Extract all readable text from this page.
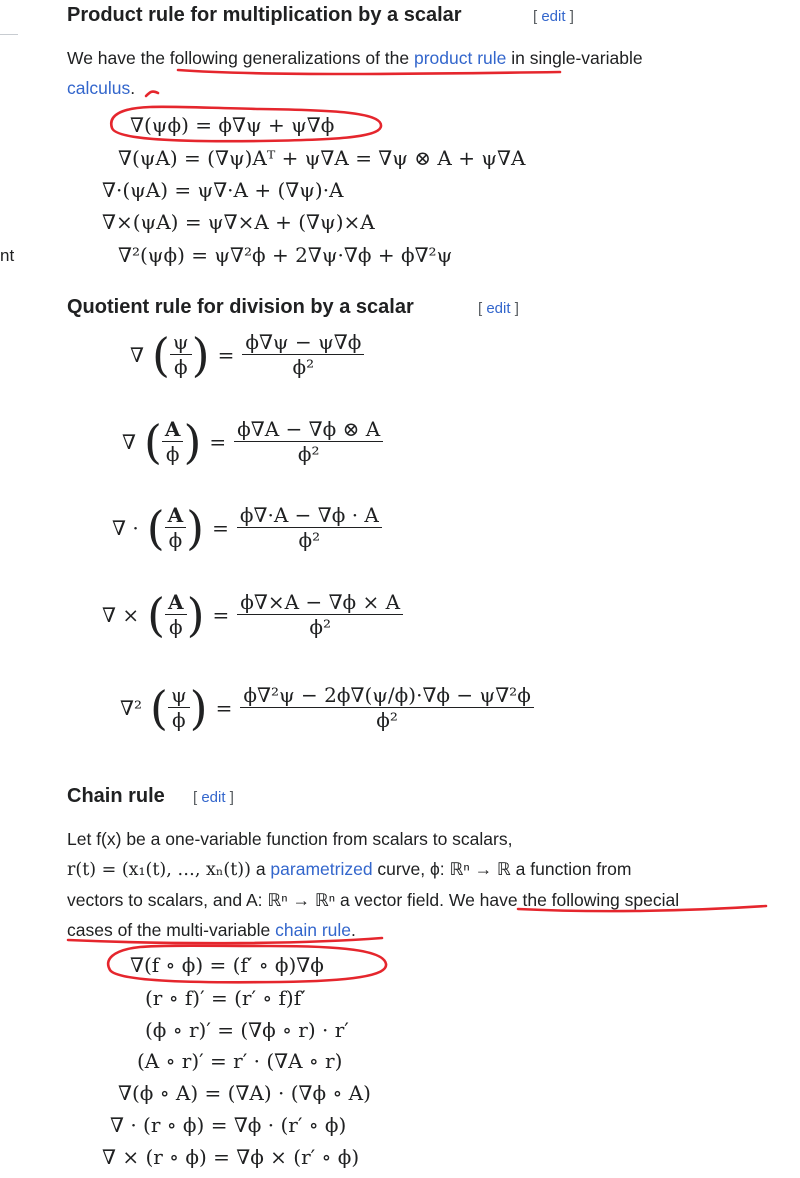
nt
Product rule for multiplication by a scalar	[ edit ]

We have the following generalizations of the product rule in single-variable
calculus.

∇(ψϕ) = ϕ∇ψ + ψ∇ϕ
∇(ψA) = (∇ψ)Aᵀ + ψ∇A = ∇ψ ⊗ A + ψ∇A
∇·(ψA) = ψ∇·A + (∇ψ)·A
∇×(ψA) = ψ∇×A + (∇ψ)×A
∇²(ψϕ) = ψ∇²ϕ + 2∇ψ·∇ϕ + ϕ∇²ψ
Quotient rule for division by a scalar	[ edit ]
∇ ( $\frac{\psi}{\phi}$ ) = $\frac{\phi\nabla\psi - \psi\nabla\phi}{\text{ϕ²}}$
∇ ( $\frac{A}{\phi}$ ) = $\frac{\phi\nabla A - \nabla\phi \otimes A}{\text{ϕ²}}$
∇ · ( $\frac{A}{\phi}$ ) = $\frac{\phi\nabla\cdot A - \nabla\phi \cdot A}{\text{ϕ²}}$
∇ × ( $\frac{A}{\phi}$ ) = $\frac{\phi\nabla\times A - \nabla\phi \times A}{\text{ϕ²}}$
∇² ( $\frac{\psi}{\phi}$ ) = $\frac{\text{ϕ∇²ψ − 2ϕ∇(ψ/ϕ)·∇ϕ − ψ∇²ϕ}}{\text{ϕ²}}$
Chain rule [ edit ]

Let f(x) be a one-variable function from scalars to scalars,
r(t) = (x₁(t), …, xₙ(t)) a parametrized curve, ϕ: ℝⁿ → ℝ a function from
vectors to scalars, and A: ℝⁿ → ℝⁿ a vector field. We have the following special
cases of the multi-variable chain rule.

∇(f ∘ ϕ) = (f′ ∘ ϕ)∇ϕ
(r ∘ f)′ = (r′ ∘ f)f′
(ϕ ∘ r)′ = (∇ϕ ∘ r) · r′
(A ∘ r)′ = r′ · (∇A ∘ r)
∇(ϕ ∘ A) = (∇A) · (∇ϕ ∘ A)
∇ · (r ∘ ϕ) = ∇ϕ · (r′ ∘ ϕ)
∇ × (r ∘ ϕ) = ∇ϕ × (r′ ∘ ϕ)
